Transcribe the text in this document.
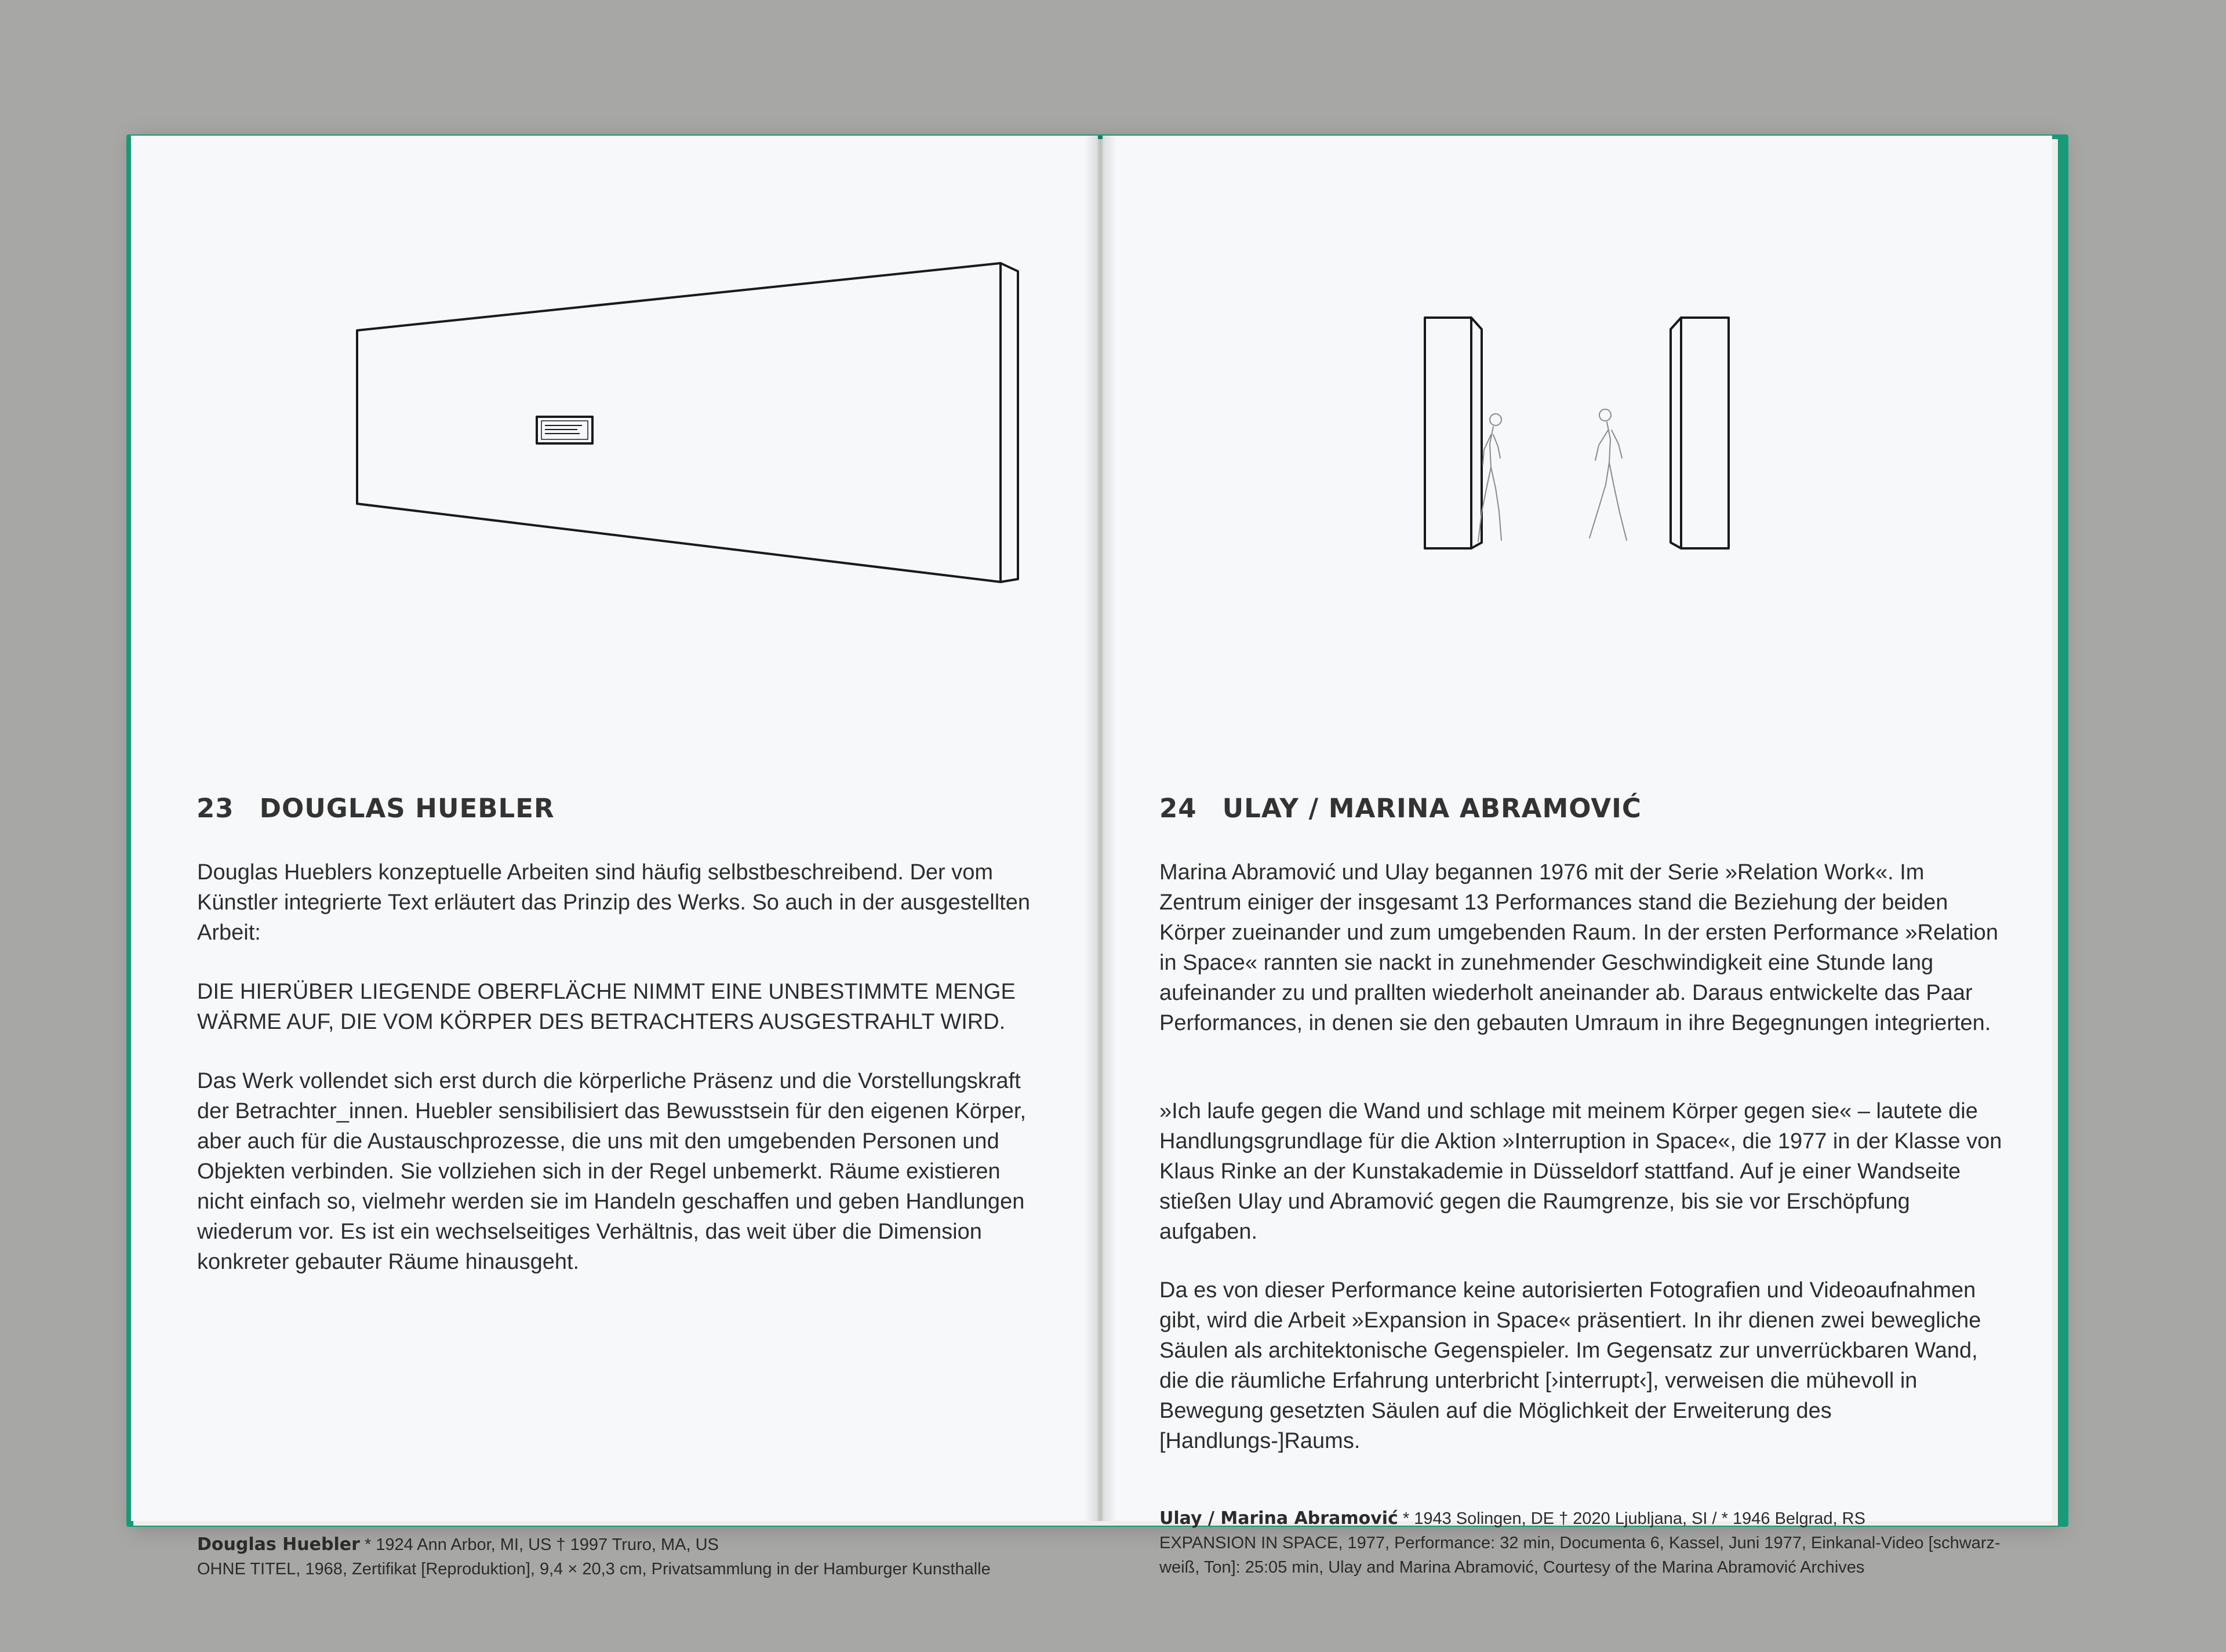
23 DOUGLAS HUEBLER

Douglas Hueblers konzeptuelle Arbeiten sind häufig selbstbeschreibend. Der vom Künstler integrierte Text erläutert das Prinzip des Werks. So auch in der ausgestellten Arbeit:

DIE HIERÜBER LIEGENDE OBERFLÄCHE NIMMT EINE UNBESTIMMTE MENGE WÄRME AUF, DIE VOM KÖRPER DES BETRACHTERS AUSGESTRAHLT WIRD.

Das Werk vollendet sich erst durch die körperliche Präsenz und die Vorstellungskraft der Betrachter_innen. Huebler sensibilisiert das Bewusstsein für den eigenen Körper, aber auch für die Austauschprozesse, die uns mit den umgebenden Personen und Objekten verbinden. Sie vollziehen sich in der Regel unbemerkt. Räume existieren nicht einfach so, vielmehr werden sie im Handeln geschaffen und geben Handlungen wiederum vor. Es ist ein wechselseitiges Verhältnis, das weit über die Dimension konkreter gebauter Räume hinausgeht.

Douglas Huebler * 1924 Ann Arbor, MI, US † 1997 Truro, MA, US
OHNE TITEL, 1968, Zertifikat [Reproduktion], 9,4 × 20,3 cm, Privatsammlung in der Hamburger Kunsthalle
24 ULAY / MARINA ABRAMOVIĆ

Marina Abramović und Ulay begannen 1976 mit der Serie »Relation Work«. Im Zentrum einiger der insgesamt 13 Performances stand die Beziehung der beiden Körper zueinander und zum umgebenden Raum. In der ersten Performance »Relation in Space« rannten sie nackt in zunehmender Geschwindigkeit eine Stunde lang aufeinander zu und prallten wiederholt aneinander ab. Daraus entwickelte das Paar Performances, in denen sie den gebauten Umraum in ihre Begegnungen integrierten.

»Ich laufe gegen die Wand und schlage mit meinem Körper gegen sie« – lautete die Handlungsgrundlage für die Aktion »Interruption in Space«, die 1977 in der Klasse von Klaus Rinke an der Kunstakademie in Düsseldorf stattfand. Auf je einer Wandseite stießen Ulay und Abramović gegen die Raumgrenze, bis sie vor Erschöpfung aufgaben.

Da es von dieser Performance keine autorisierten Fotografien und Videoaufnahmen gibt, wird die Arbeit »Expansion in Space« präsentiert. In ihr dienen zwei bewegliche Säulen als architektonische Gegenspieler. Im Gegensatz zur unverrückbaren Wand, die die räumliche Erfahrung unterbricht [›interrupt‹], verweisen die mühevoll in Bewegung gesetzten Säulen auf die Möglichkeit der Erweiterung des [Handlungs-]Raums.

Ulay / Marina Abramović * 1943 Solingen, DE † 2020 Ljubljana, SI / * 1946 Belgrad, RS
EXPANSION IN SPACE, 1977, Performance: 32 min, Documenta 6, Kassel, Juni 1977, Einkanal-Video [schwarz-weiß, Ton]: 25:05 min, Ulay and Marina Abramović, Courtesy of the Marina Abramović Archives
